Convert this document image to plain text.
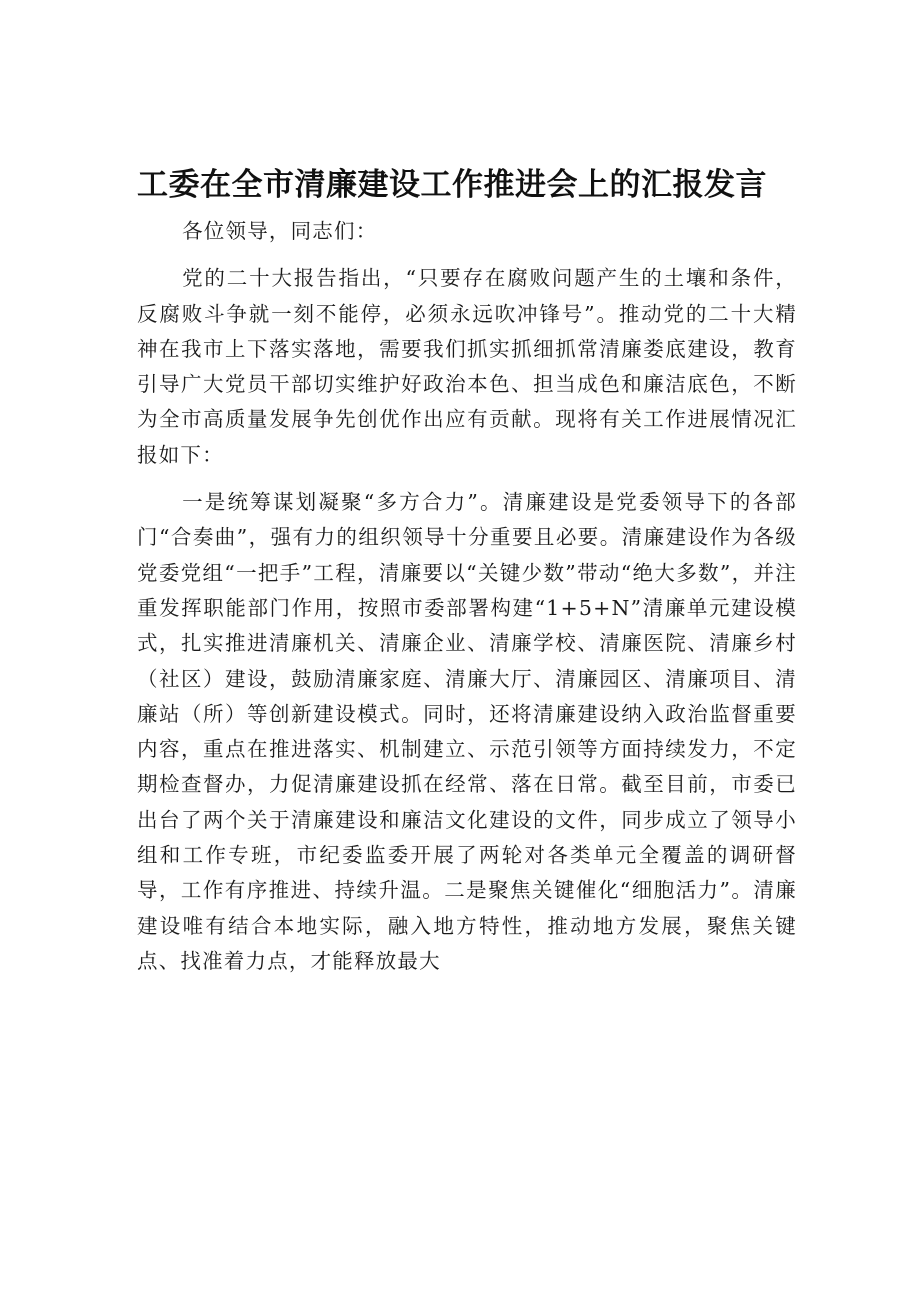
工委在全市清廉建设工作推进会上的汇报发言

各位领导，同志们：

党的二十大报告指出，“只要存在腐败问题产生的土壤和条件，反腐败斗争就一刻不能停，必须永远吹冲锋号”。推动党的二十大精神在我市上下落实落地，需要我们抓实抓细抓常清廉娄底建设，教育引导广大党员干部切实维护好政治本色、担当成色和廉洁底色，不断为全市高质量发展争先创优作出应有贡献。现将有关工作进展情况汇报如下：

一是统筹谋划凝聚“多方合力”。清廉建设是党委领导下的各部门“合奏曲”，强有力的组织领导十分重要且必要。清廉建设作为各级党委党组“一把手”工程，清廉要以“关键少数”带动“绝大多数”，并注重发挥职能部门作用，按照市委部署构建“1+5+N”清廉单元建设模式，扎实推进清廉机关、清廉企业、清廉学校、清廉医院、清廉乡村（社区）建设，鼓励清廉家庭、清廉大厅、清廉园区、清廉项目、清廉站（所）等创新建设模式。同时，还将清廉建设纳入政治监督重要内容，重点在推进落实、机制建立、示范引领等方面持续发力，不定期检查督办，力促清廉建设抓在经常、落在日常。截至目前，市委已出台了两个关于清廉建设和廉洁文化建设的文件，同步成立了领导小组和工作专班，市纪委监委开展了两轮对各类单元全覆盖的调研督导，工作有序推进、持续升温。二是聚焦关键催化“细胞活力”。清廉建设唯有结合本地实际，融入地方特性，推动地方发展，聚焦关键点、找准着力点，才能释放最大
